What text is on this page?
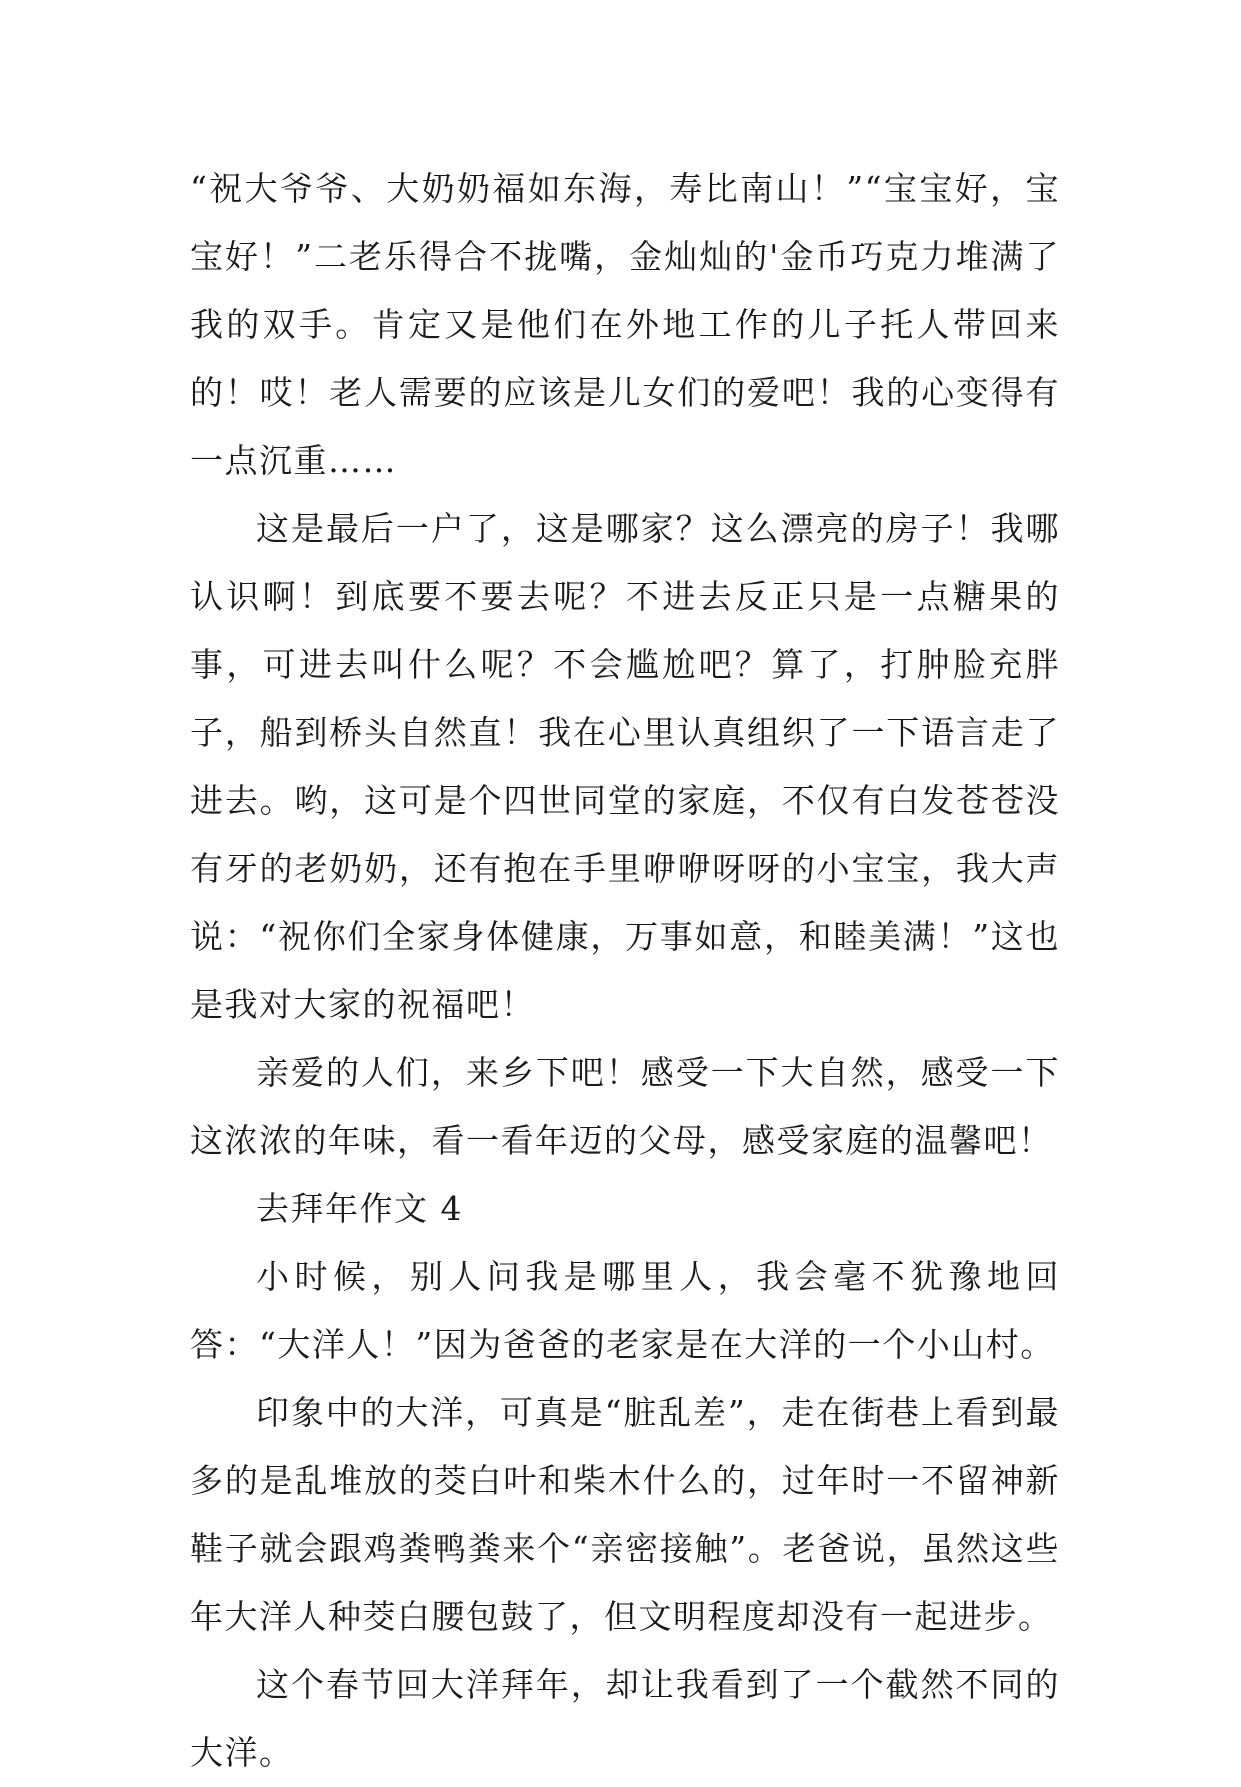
“祝大爷爷、大奶奶福如东海，寿比南山！”“宝宝好，宝宝好！”二老乐得合不拢嘴，金灿灿的'金币巧克力堆满了我的双手。肯定又是他们在外地工作的儿子托人带回来的！哎！老人需要的应该是儿女们的爱吧！我的心变得有一点沉重……

这是最后一户了，这是哪家？这么漂亮的房子！我哪认识啊！到底要不要去呢？不进去反正只是一点糖果的事，可进去叫什么呢？不会尴尬吧？算了，打肿脸充胖子，船到桥头自然直！我在心里认真组织了一下语言走了进去。哟，这可是个四世同堂的家庭，不仅有白发苍苍没有牙的老奶奶，还有抱在手里咿咿呀呀的小宝宝，我大声说：“祝你们全家身体健康，万事如意，和睦美满！”这也是我对大家的祝福吧！

亲爱的人们，来乡下吧！感受一下大自然，感受一下这浓浓的年味，看一看年迈的父母，感受家庭的温馨吧！

去拜年作文 4

小时候，别人问我是哪里人，我会毫不犹豫地回答：“大洋人！”因为爸爸的老家是在大洋的一个小山村。

印象中的大洋，可真是“脏乱差”，走在街巷上看到最多的是乱堆放的茭白叶和柴木什么的，过年时一不留神新鞋子就会跟鸡粪鸭粪来个“亲密接触”。老爸说，虽然这些年大洋人种茭白腰包鼓了，但文明程度却没有一起进步。

这个春节回大洋拜年，却让我看到了一个截然不同的大洋。
